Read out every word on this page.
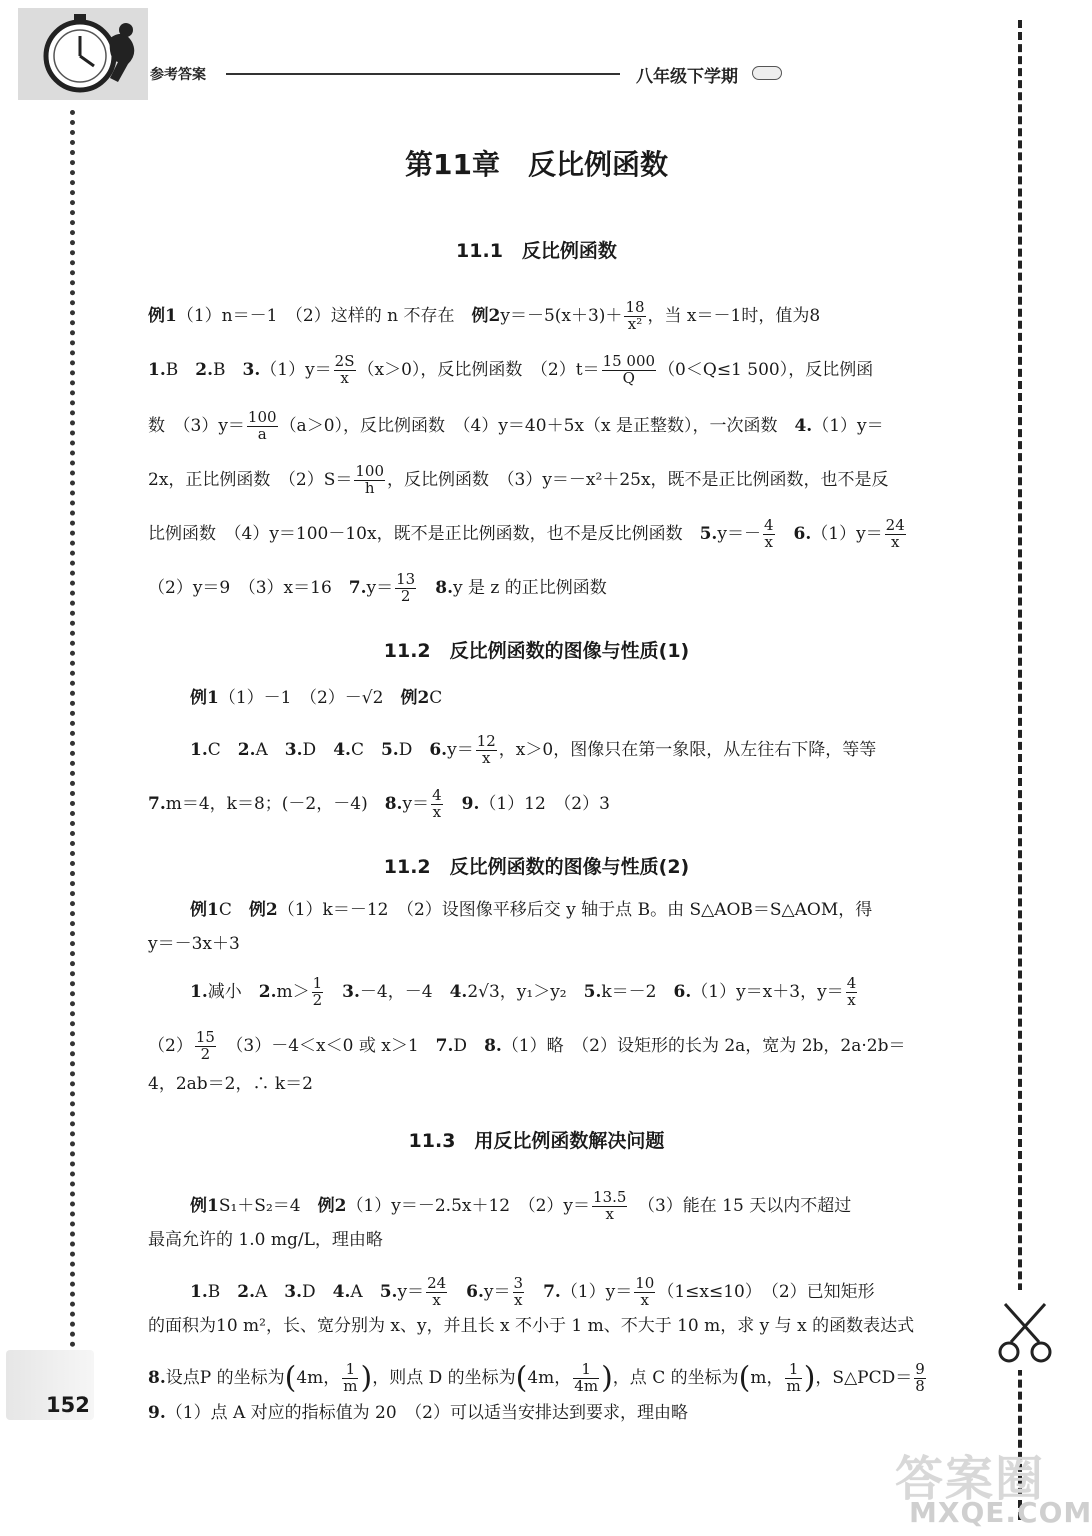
参考答案	八年级下学期
152
答案圈
MXQE.COM
第11章　反比例函数
11.1　反比例函数
例1（1）n＝－1　（2）这样的 n 不存在　例$2y=-5(x+3)+ \frac{18}{\text{x²}}$ ，当 x＝－1时，值为8
1.B　2.B　$3.(1)y= \frac{2S}{x} (x>0)$，反比例函数　$(2)t= \frac{15 000}{Q} (0<Q\le 1$ 500），反比例函
数　$(3)y= \frac{100}{a} (a>0)$，反比例函数　（4）y＝40＋5x（x 是正整数），一次函数　4.（1）y＝
2x，正比例函数　$(2)S= \frac{100}{h}$ ，反比例函数　（3）y＝－x²＋25x，既不是正比例函数，也不是反
比例函数　（4）y＝100－10x，既不是正比例函数，也不是反比例函数　$5.y=- \frac{4}{x}$
　 $6.(1)y= \frac{24}{x}$
（2）y＝9　（3）x＝16　$7.y= \frac{13}{2}$
　 8.y 是 z 的正比例函数
11.2　反比例函数的图像与性质(1)
例1（1）－1　（2）－√2　例2C
1.C　2.A　3.D　4.C　5.D　$6.y= \frac{12}{x}$ ，x＞0，图像只在第一象限，从左往右下降，等等
7.m＝4，k＝8；(－2，－4)　$8.y= \frac{4}{x}$
　 9.（1）12　（2）3
11.2　反比例函数的图像与性质(2)
例1C　例2（1）k＝－12　（2）设图像平移后交 y 轴于点 B。由 S△AOB＝S△AOM，得
y＝－3x＋3
1.减小　$2.m> \frac{1}{2}$
　 3.－4，－4　4.2√3，y₁＞y₂　5.k＝－2　6.（1）y＝x＋3，$y= \frac{4}{x}$
$(2) \frac{15}{2}$ 　（3）－4＜x＜0 或 x＞1　7.D　8.（1）略　（2）设矩形的长为 2a，宽为 2b，2a·2b＝
4，2ab＝2，∴ k＝2
11.3　用反比例函数解决问题
例1S₁＋S₂＝4　例2（1）y＝－2.5x＋12　$(2)y= \frac{13.5}{x}$ 　（3）能在 15 天以内不超过
最高允许的 1.0 mg/L，理由略
1.B　2.A　3.D　4.A　$5.y= \frac{24}{x}$
　 $6.y= \frac{3}{x}$
　 $7.(1)y= \frac{10}{x} (1\le x\le 10)$　（2）已知矩形
的面积为10 m²，长、宽分别为 x、y，并且长 x 不小于 1 m、不大于 10 m，求 y 与 x 的函数表达式
8.设点P 的坐标为(4m， $\frac{1}{m}$ )，则点 D 的坐标为(4m， $\frac{1}{4m}$ )，点 C 的坐标为(m， $\frac{1}{m}$ )，S△PCD＝ $\frac{9}{8}$
9.（1）点 A 对应的指标值为 20　（2）可以适当安排达到要求，理由略
